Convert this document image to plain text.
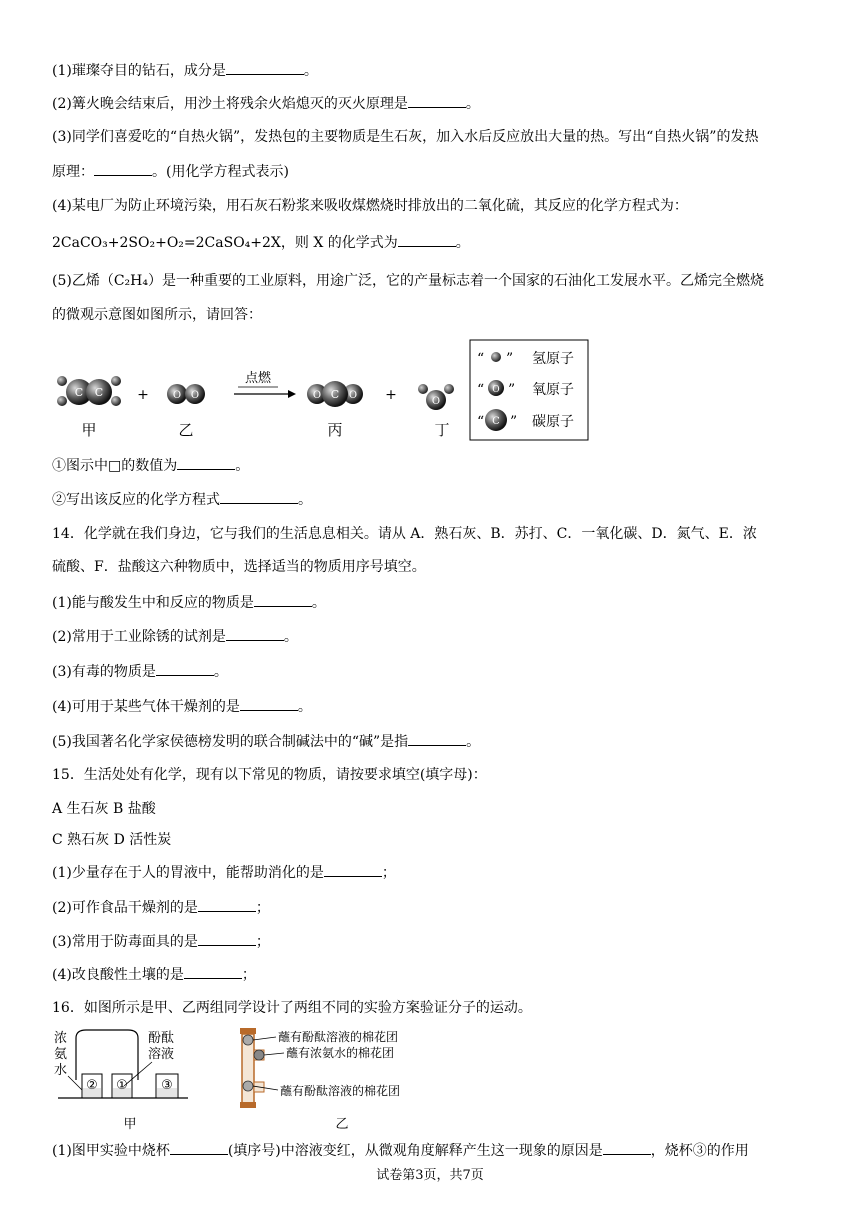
(1)璀璨夺目的钻石，成分是	。
(2)篝火晚会结束后，用沙土将残余火焰熄灭的灭火原理是	。
(3)同学们喜爱吃的“自热火锅”，发热包的主要物质是生石灰，加入水后反应放出大量的热。写出“自热火锅”的发热
原理：	。(用化学方程式表示)
(4)某电厂为防止环境污染，用石灰石粉浆来吸收煤燃烧时排放出的二氧化硫，其反应的化学方程式为：
2CaCO₃+2SO₂+O₂=2CaSO₄+2X，则 X 的化学式为	。
(5)乙烯（C₂H₄）是一种重要的工业原料，用途广泛，它的产量标志着一个国家的石油化工发展水平。乙烯完全燃烧
的微观示意图如图所示，请回答：
C C + O O
点燃
O	O
C	+	O
甲	乙	丙	丁
“ ” 氢原子
“ O ” 氧原子
“ C ” 碳原子
①图示中□的数值为	。
②写出该反应的化学方程式	。
14．化学就在我们身边，它与我们的生活息息相关。请从 A．熟石灰、B．苏打、C．一氧化碳、D．氮气、E．浓
硫酸、F．盐酸这六种物质中，选择适当的物质用序号填空。
(1)能与酸发生中和反应的物质是	。
(2)常用于工业除锈的试剂是	。
(3)有毒的物质是	。
(4)可用于某些气体干燥剂的是	。
(5)我国著名化学家侯德榜发明的联合制碱法中的“碱”是指	。
15．生活处处有化学，现有以下常见的物质，请按要求填空(填字母)：
A 生石灰 B 盐酸
C 熟石灰 D 活性炭
(1)少量存在于人的胃液中，能帮助消化的是	；
(2)可作食品干燥剂的是	；
(3)常用于防毒面具的是	；
(4)改良酸性土壤的是	；
16．如图所示是甲、乙两组同学设计了两组不同的实验方案验证分子的运动。
浓
氨
水
酚酞
溶液
② ①	③
甲
蘸有酚酞溶液的棉花团
蘸有浓氨水的棉花团
蘸有酚酞溶液的棉花团
乙
(1)图甲实验中烧杯	(填序号)中溶液变红，从微观角度解释产生这一现象的原因是	，烧杯③的作用
试卷第3页，共7页
